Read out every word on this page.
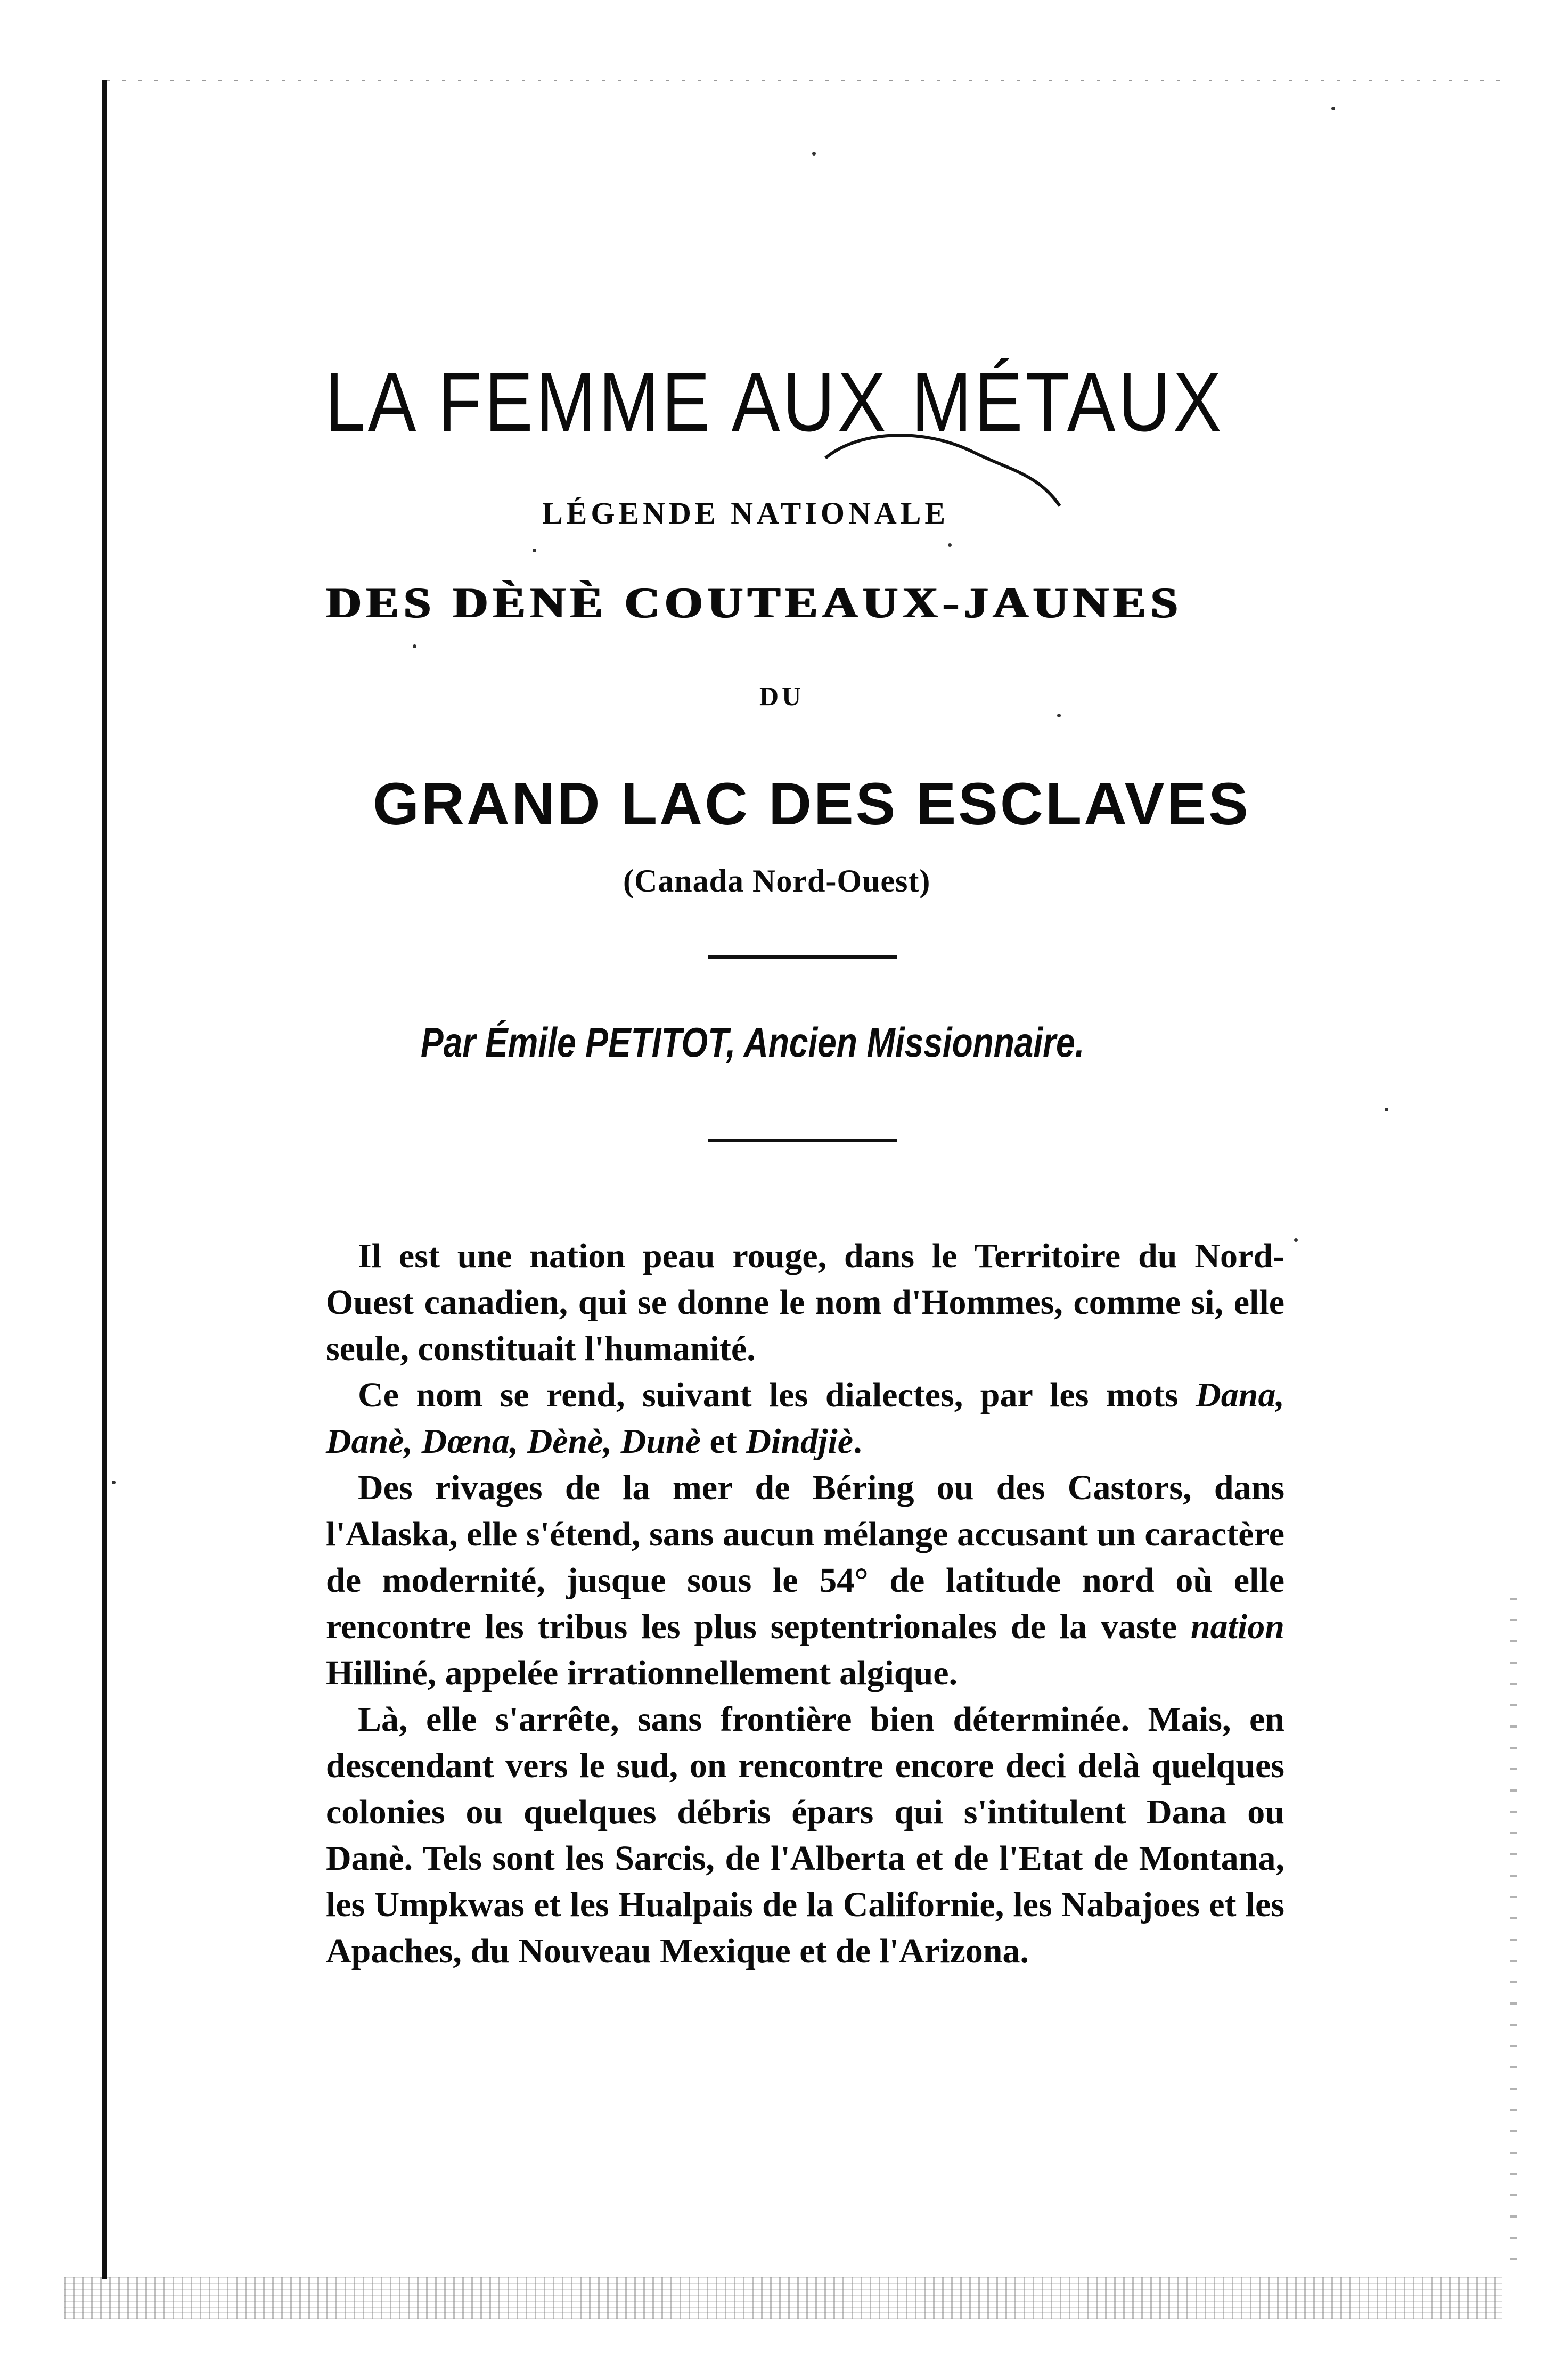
LA FEMME AUX MÉTAUX
LÉGENDE NATIONALE
DES DÈNÈ COUTEAUX-JAUNES
DU
GRAND LAC DES ESCLAVES
(Canada Nord-Ouest)
Par Émile PETITOT, Ancien Missionnaire.

Il est une nation peau rouge, dans le Territoire du Nord-Ouest canadien, qui se donne le nom d'Hommes, comme si, elle seule, constituait l'humanité.

Ce nom se rend, suivant les dialectes, par les mots Dana, Danè, Dœna, Dènè, Dunè et Dindjiè.

Des rivages de la mer de Béring ou des Castors, dans l'Alaska, elle s'étend, sans aucun mélange accusant un caractère de modernité, jusque sous le 54° de latitude nord où elle rencontre les tribus les plus septentrionales de la vaste nation Hilliné, appelée irrationnellement algique.

Là, elle s'arrête, sans frontière bien déterminée. Mais, en descendant vers le sud, on rencontre encore deci delà quelques colonies ou quelques débris épars qui s'intitulent Dana ou Danè. Tels sont les Sarcis, de l'Alberta et de l'Etat de Montana, les Umpkwas et les Hualpais de la Californie, les Nabajoes et les Apaches, du Nouveau Mexique et de l'Arizona.
